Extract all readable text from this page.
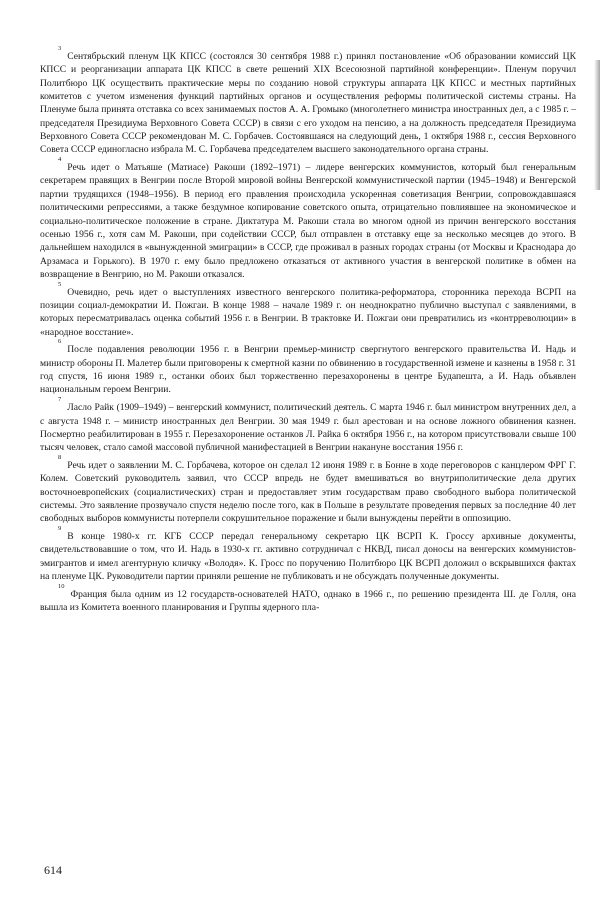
$^3$Сентябрьский пленум ЦК КПСС (состоялся 30 сентября 1988 г.) принял постановление «Об образовании комиссий ЦК КПСС и реорганизации аппарата ЦК КПСС в свете решений XIX Всесоюзной партийной конференции». Пленум поручил Политбюро ЦК осуществить практические меры по созданию новой структуры аппарата ЦК КПСС и местных партийных комитетов с учетом изменения функций партийных органов и осуществления реформы политической системы страны. На Пленуме была принята отставка со всех занимаемых постов А. А. Громыко (многолетнего министра иностранных дел, а с 1985 г. – председателя Президиума Верховного Совета СССР) в связи с его уходом на пенсию, а на должность председателя Президиума Верховного Совета СССР рекомендован М. С. Горбачев. Состоявшаяся на следующий день, 1 октября 1988 г., сессия Верховного Совета СССР единогласно избрала М. С. Горбачева председателем высшего законодательного органа страны.

$^4$Речь идет о Матьяше (Матиасе) Ракоши (1892–1971) – лидере венгерских коммунистов, который был генеральным секретарем правящих в Венгрии после Второй мировой войны Венгерской коммунистической партии (1945–1948) и Венгерской партии трудящихся (1948–1956). В период его правления происходила ускоренная советизация Венгрии, сопровождавшаяся политическими репрессиями, а также бездумное копирование советского опыта, отрицательно повлиявшее на экономическое и социально-политическое положение в стране. Диктатура М. Ракоши стала во многом одной из причин венгерского восстания осенью 1956 г., хотя сам М. Ракоши, при содействии СССР, был отправлен в отставку еще за несколько месяцев до этого. В дальнейшем находился в «вынужденной эмиграции» в СССР, где проживал в разных городах страны (от Москвы и Краснодара до Арзамаса и Горького). В 1970 г. ему было предложено отказаться от активного участия в венгерской политике в обмен на возвращение в Венгрию, но М. Ракоши отказался.

$^5$Очевидно, речь идет о выступлениях известного венгерского политика-реформатора, сторонника перехода ВСРП на позиции социал-демократии И. Пожгаи. В конце 1988 – начале 1989 г. он неоднократно публично выступал с заявлениями, в которых пересматривалась оценка событий 1956 г. в Венгрии. В трактовке И. Пожгаи они превратились из «контрреволюции» в «народное восстание».

$^6$После подавления революции 1956 г. в Венгрии премьер-министр свергнутого венгерского правительства И. Надь и министр обороны П. Малетер были приговорены к смертной казни по обвинению в государственной измене и казнены в 1958 г. 31 год спустя, 16 июня 1989 г., останки обоих был торжественно перезахоронены в центре Будапешта, а И. Надь объявлен национальным героем Венгрии.

$^7$Ласло Райк (1909–1949) – венгерский коммунист, политический деятель. С марта 1946 г. был министром внутренних дел, а с августа 1948 г. – министр иностранных дел Венгрии. 30 мая 1949 г. был арестован и на основе ложного обвинения казнен. Посмертно реабилитирован в 1955 г. Перезахоронение останков Л. Райка 6 октября 1956 г., на котором присутствовали свыше 100 тысяч человек, стало самой массовой публичной манифестацией в Венгрии накануне восстания 1956 г.

$^8$Речь идет о заявлении М. С. Горбачева, которое он сделал 12 июня 1989 г. в Бонне в ходе переговоров с канцлером ФРГ Г. Колем. Советский руководитель заявил, что СССР впредь не будет вмешиваться во внутриполитические дела других восточноевропейских (социалистических) стран и предоставляет этим государствам право свободного выбора политической системы. Это заявление прозвучало спустя неделю после того, как в Польше в результате проведения первых за последние 40 лет свободных выборов коммунисты потерпели сокрушительное поражение и были вынуждены перейти в оппозицию.

$^9$В конце 1980-х гг. КГБ СССР передал генеральному секретарю ЦК ВСРП К. Гроссу архивные документы, свидетельствовавшие о том, что И. Надь в 1930-х гг. активно сотрудничал с НКВД, писал доносы на венгерских коммунистов-эмигрантов и имел агентурную кличку «Володя». К. Гросс по поручению Политбюро ЦК ВСРП доложил о вскрывшихся фактах на пленуме ЦК. Руководители партии приняли решение не публиковать и не обсуждать полученные документы.

$^{10}$Франция была одним из 12 государств-основателей НАТО, однако в 1966 г., по решению президента Ш. де Голля, она вышла из Комитета военного планирования и Группы ядерного пла-

614
